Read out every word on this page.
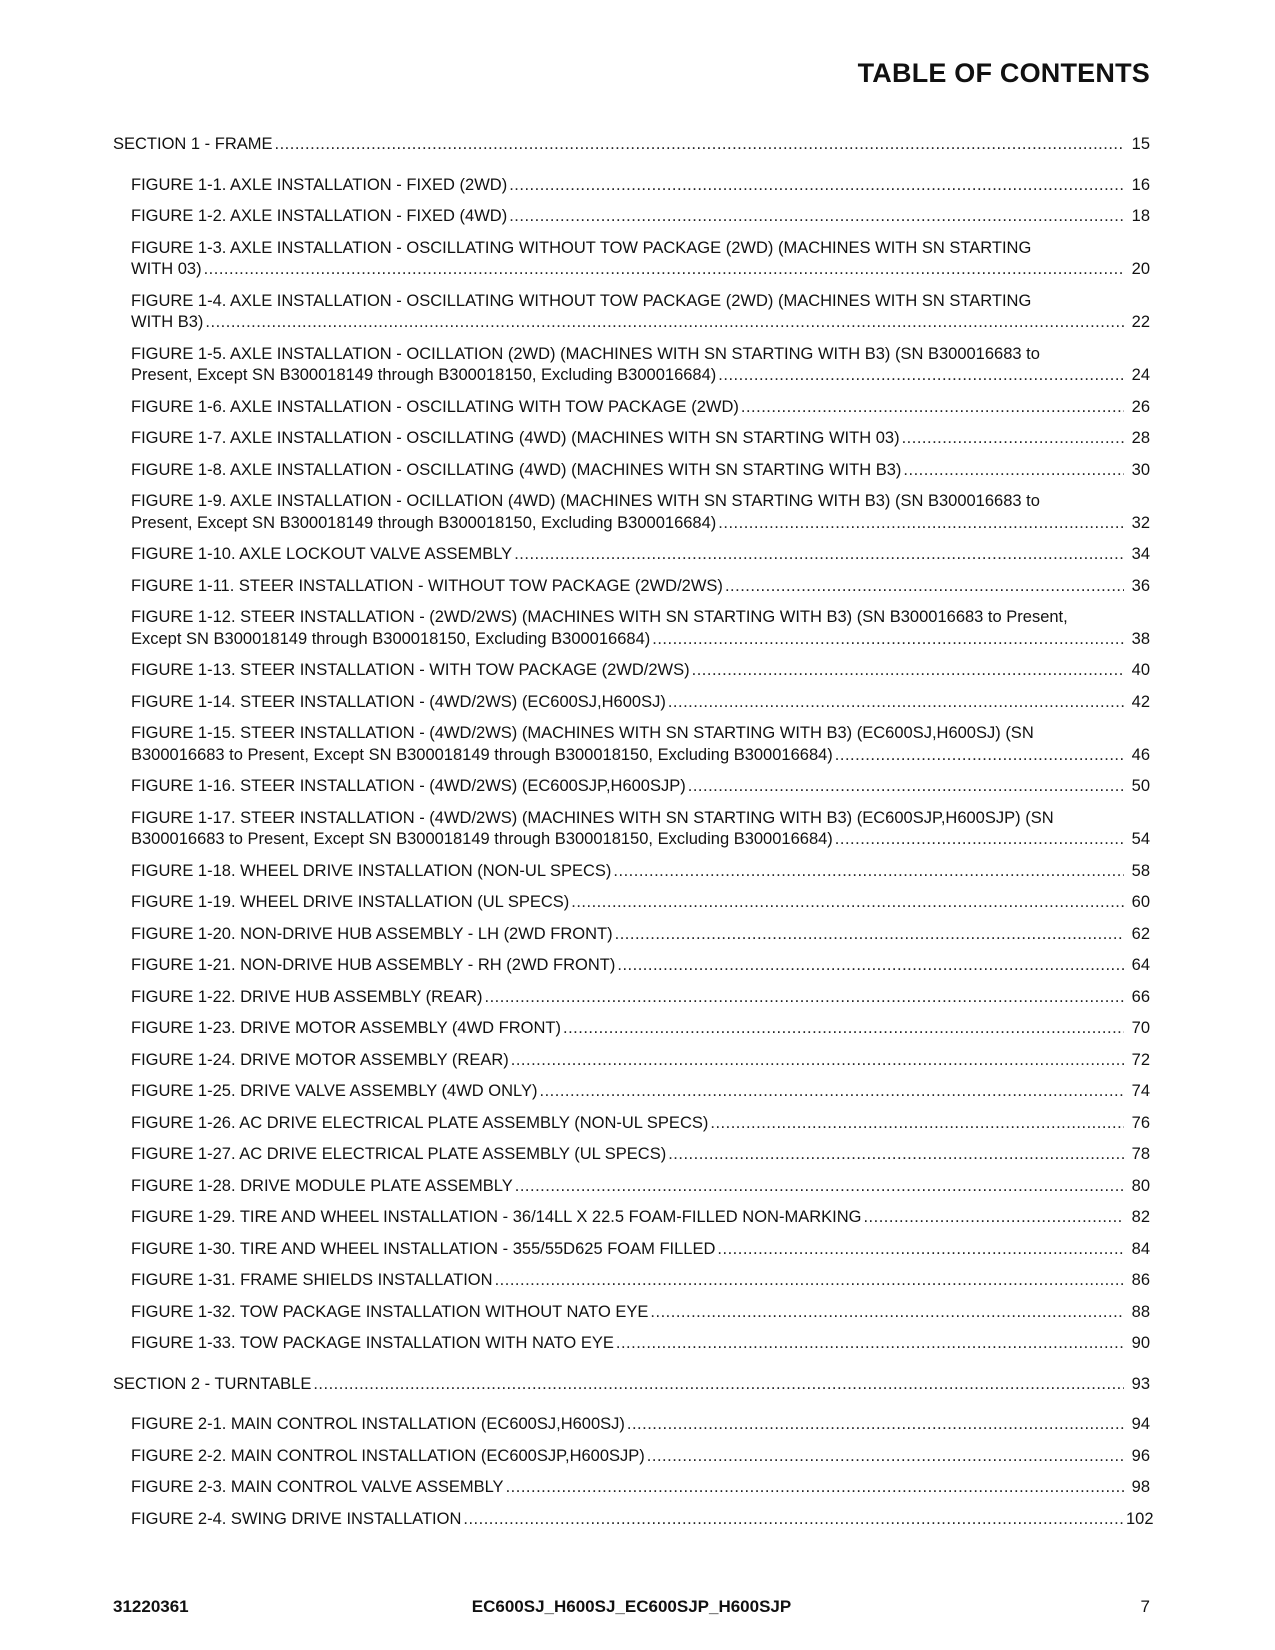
TABLE OF CONTENTS
SECTION 1 - FRAME .....	15
FIGURE 1-1. AXLE INSTALLATION - FIXED (2WD) .....	16
FIGURE 1-2. AXLE INSTALLATION - FIXED (4WD) .....	18
FIGURE 1-3. AXLE INSTALLATION - OSCILLATING WITHOUT TOW PACKAGE (2WD) (MACHINES WITH SN STARTING
WITH 03) .....	20
FIGURE 1-4. AXLE INSTALLATION - OSCILLATING WITHOUT TOW PACKAGE (2WD) (MACHINES WITH SN STARTING
WITH B3) .....	22
FIGURE 1-5. AXLE INSTALLATION - OCILLATION (2WD) (MACHINES WITH SN STARTING WITH B3) (SN B300016683 to
Present, Except SN B300018149 through B300018150, Excluding B300016684) .....	24
FIGURE 1-6. AXLE INSTALLATION - OSCILLATING WITH TOW PACKAGE (2WD) .....	26
FIGURE 1-7. AXLE INSTALLATION - OSCILLATING (4WD) (MACHINES WITH SN STARTING WITH 03) .....	28
FIGURE 1-8. AXLE INSTALLATION - OSCILLATING (4WD) (MACHINES WITH SN STARTING WITH B3) .....	30
FIGURE 1-9. AXLE INSTALLATION - OCILLATION (4WD) (MACHINES WITH SN STARTING WITH B3) (SN B300016683 to
Present, Except SN B300018149 through B300018150, Excluding B300016684) .....	32
FIGURE 1-10. AXLE LOCKOUT VALVE ASSEMBLY .....	34
FIGURE 1-11. STEER INSTALLATION - WITHOUT TOW PACKAGE (2WD/2WS) .....	36
FIGURE 1-12. STEER INSTALLATION - (2WD/2WS) (MACHINES WITH SN STARTING WITH B3) (SN B300016683 to Present,
Except SN B300018149 through B300018150, Excluding B300016684) .....	38
FIGURE 1-13. STEER INSTALLATION - WITH TOW PACKAGE (2WD/2WS) .....	40
FIGURE 1-14. STEER INSTALLATION - (4WD/2WS) (EC600SJ,H600SJ) .....	42
FIGURE 1-15. STEER INSTALLATION - (4WD/2WS) (MACHINES WITH SN STARTING WITH B3) (EC600SJ,H600SJ) (SN
B300016683 to Present, Except SN B300018149 through B300018150, Excluding B300016684) .....	46
FIGURE 1-16. STEER INSTALLATION - (4WD/2WS) (EC600SJP,H600SJP) .....	50
FIGURE 1-17. STEER INSTALLATION - (4WD/2WS) (MACHINES WITH SN STARTING WITH B3) (EC600SJP,H600SJP) (SN
B300016683 to Present, Except SN B300018149 through B300018150, Excluding B300016684) .....	54
FIGURE 1-18. WHEEL DRIVE INSTALLATION (NON-UL SPECS) .....	58
FIGURE 1-19. WHEEL DRIVE INSTALLATION (UL SPECS) .....	60
FIGURE 1-20. NON-DRIVE HUB ASSEMBLY - LH (2WD FRONT) .....	62
FIGURE 1-21. NON-DRIVE HUB ASSEMBLY - RH (2WD FRONT) .....	64
FIGURE 1-22. DRIVE HUB ASSEMBLY (REAR) .....	66
FIGURE 1-23. DRIVE MOTOR ASSEMBLY (4WD FRONT) .....	70
FIGURE 1-24. DRIVE MOTOR ASSEMBLY (REAR) .....	72
FIGURE 1-25. DRIVE VALVE ASSEMBLY (4WD ONLY) .....	74
FIGURE 1-26. AC DRIVE ELECTRICAL PLATE ASSEMBLY (NON-UL SPECS) .....	76
FIGURE 1-27. AC DRIVE ELECTRICAL PLATE ASSEMBLY (UL SPECS) .....	78
FIGURE 1-28. DRIVE MODULE PLATE ASSEMBLY .....	80
FIGURE 1-29. TIRE AND WHEEL INSTALLATION - 36/14LL X 22.5 FOAM-FILLED NON-MARKING .....	82
FIGURE 1-30. TIRE AND WHEEL INSTALLATION - 355/55D625 FOAM FILLED .....	84
FIGURE 1-31. FRAME SHIELDS INSTALLATION .....	86
FIGURE 1-32. TOW PACKAGE INSTALLATION WITHOUT NATO EYE .....	88
FIGURE 1-33. TOW PACKAGE INSTALLATION WITH NATO EYE .....	90
SECTION 2 - TURNTABLE .....	93
FIGURE 2-1. MAIN CONTROL INSTALLATION (EC600SJ,H600SJ) .....	94
FIGURE 2-2. MAIN CONTROL INSTALLATION (EC600SJP,H600SJP) .....	96
FIGURE 2-3. MAIN CONTROL VALVE ASSEMBLY .....	98
FIGURE 2-4. SWING DRIVE INSTALLATION .....	102
31220361	EC600SJ_H600SJ_EC600SJP_H600SJP	7
